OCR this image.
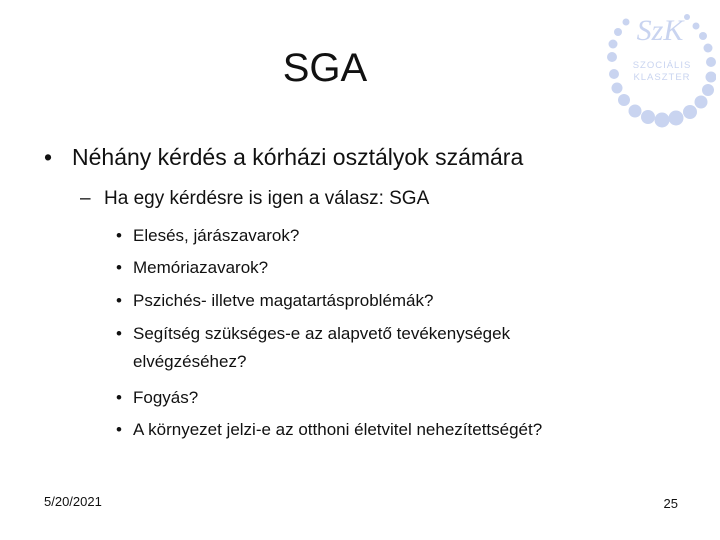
SGA
SzK
SZOCIÁLIS
KLASZTER
• Néhány kérdés a kórházi osztályok számára
– Ha egy kérdésre is igen a válasz: SGA
• Elesés, járászavarok?
• Memóriazavarok?
• Pszichés- illetve magatartásproblémák?
• Segítség szükséges-e az alapvető tevékenységek
elvégzéséhez?
• Fogyás?
• A környezet jelzi-e az otthoni életvitel nehezítettségét?
5/20/2021	25
